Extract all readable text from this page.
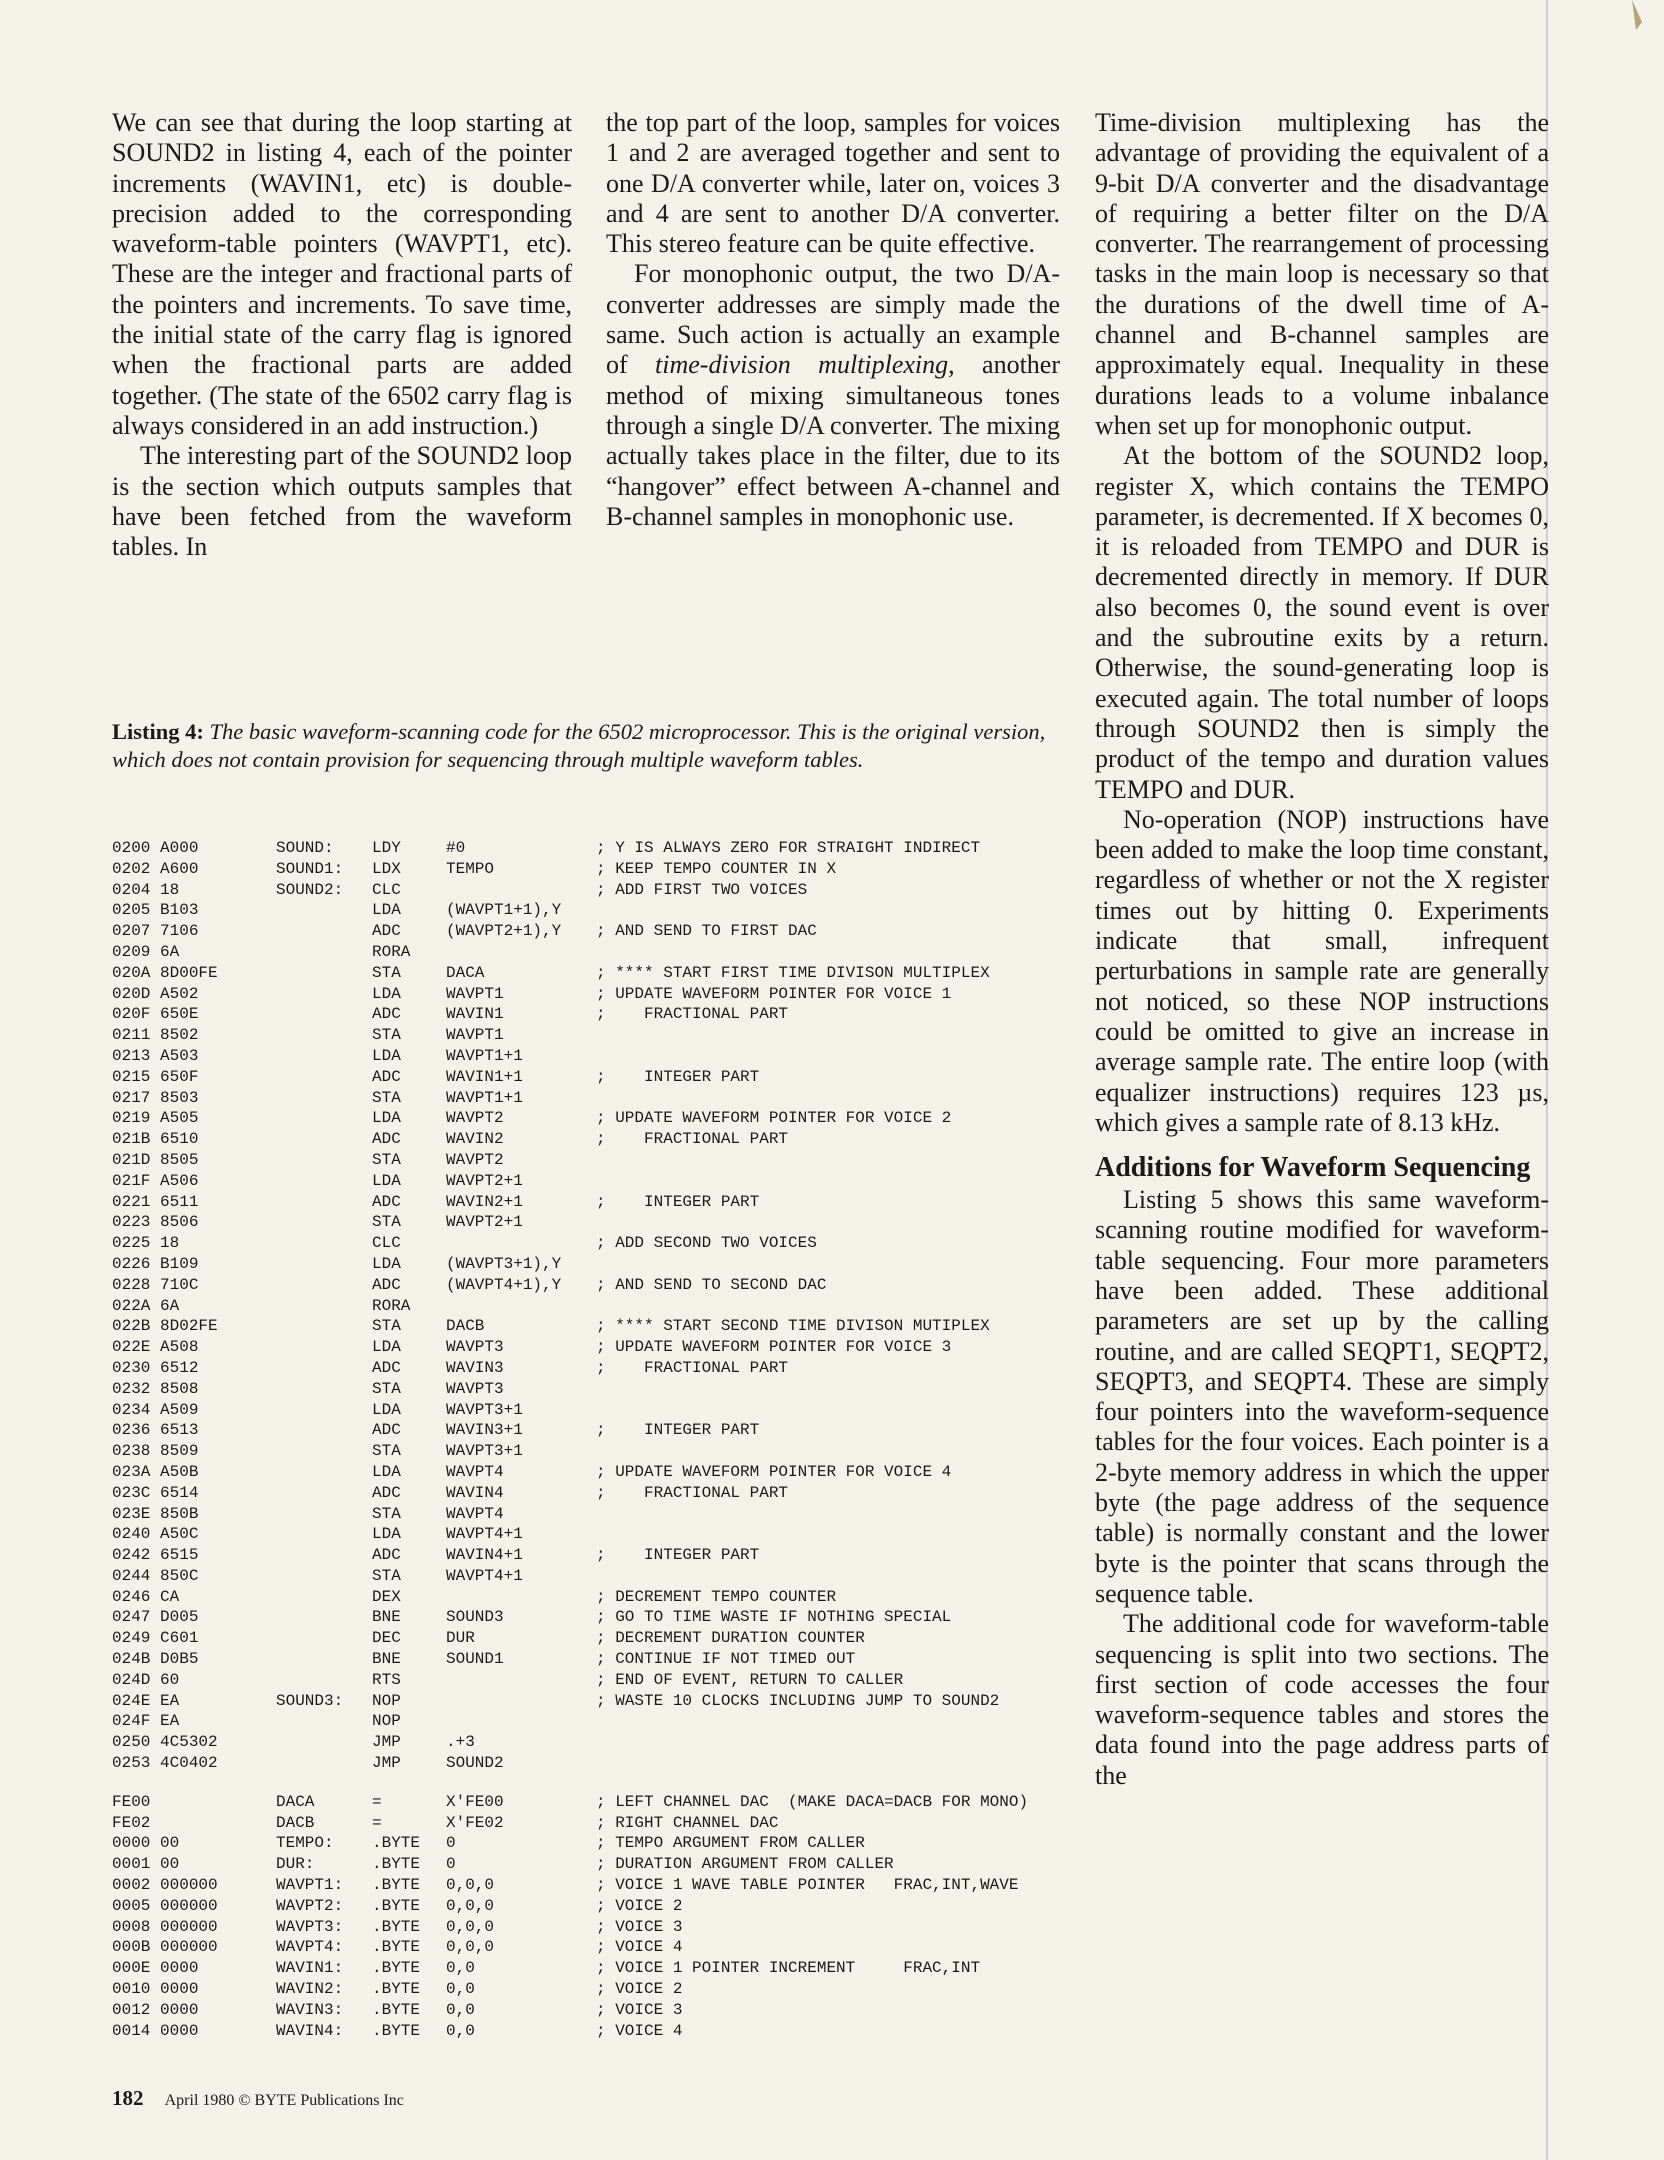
We can see that during the loop starting at SOUND2 in listing 4, each of the pointer increments (WAVIN1, etc) is double-precision added to the corresponding waveform-table pointers (WAVPT1, etc). These are the integer and fractional parts of the pointers and increments. To save time, the initial state of the carry flag is ignored when the fractional parts are added together. (The state of the 6502 carry flag is always considered in an add instruction.)

The interesting part of the SOUND2 loop is the section which outputs samples that have been fetched from the waveform tables. In

the top part of the loop, samples for voices 1 and 2 are averaged together and sent to one D/A converter while, later on, voices 3 and 4 are sent to another D/A converter. This stereo feature can be quite effective.

For monophonic output, the two D/A-converter addresses are simply made the same. Such action is actually an example of time-division multiplexing, another method of mixing simultaneous tones through a single D/A converter. The mixing actually takes place in the filter, due to its “hangover” effect between A-channel and B-channel samples in monophonic use.

Time-division multiplexing has the advantage of providing the equivalent of a 9-bit D/A converter and the disadvantage of requiring a better filter on the D/A converter. The rearrangement of processing tasks in the main loop is necessary so that the durations of the dwell time of A-channel and B-channel samples are approximately equal. Inequality in these durations leads to a volume inbalance when set up for monophonic output.

At the bottom of the SOUND2 loop, register X, which contains the TEMPO parameter, is decremented. If X becomes 0, it is reloaded from TEMPO and DUR is decremented directly in memory. If DUR also becomes 0, the sound event is over and the subroutine exits by a return. Otherwise, the sound-generating loop is executed again. The total number of loops through SOUND2 then is simply the product of the tempo and duration values TEMPO and DUR.

No-operation (NOP) instructions have been added to make the loop time constant, regardless of whether or not the X register times out by hitting 0. Experiments indicate that small, infrequent perturbations in sample rate are generally not noticed, so these NOP instructions could be omitted to give an increase in average sample rate. The entire loop (with equalizer instructions) requires 123 µs, which gives a sample rate of 8.13 kHz.

Additions for Waveform Sequencing

Listing 5 shows this same waveform-scanning routine modified for waveform-table sequencing. Four more parameters have been added. These additional parameters are set up by the calling routine, and are called SEQPT1, SEQPT2, SEQPT3, and SEQPT4. These are simply four pointers into the waveform-sequence tables for the four voices. Each pointer is a 2-byte memory address in which the upper byte (the page address of the sequence table) is normally constant and the lower byte is the pointer that scans through the sequence table.

The additional code for waveform-table sequencing is split into two sections. The first section of code accesses the four waveform-sequence tables and stores the data found into the page address parts of the

Listing 4: The basic waveform-scanning code for the 6502 microprocessor. This is the original version, which does not contain provision for sequencing through multiple waveform tables.
0200 A000	SOUND:	LDY	#0	; Y IS ALWAYS ZERO FOR STRAIGHT INDIRECT
0202 A600	SOUND1:	LDX	TEMPO	; KEEP TEMPO COUNTER IN X
0204 18	SOUND2:	CLC	; ADD FIRST TWO VOICES
0205 B103	LDA	(WAVPT1+1),Y
0207 7106	ADC	(WAVPT2+1),Y	; AND SEND TO FIRST DAC
0209 6A	RORA
020A 8D00FE	STA	DACA	; **** START FIRST TIME DIVISON MULTIPLEX
020D A502	LDA	WAVPT1	; UPDATE WAVEFORM POINTER FOR VOICE 1
020F 650E	ADC	WAVIN1	;    FRACTIONAL PART
0211 8502	STA	WAVPT1
0213 A503	LDA	WAVPT1+1
0215 650F	ADC	WAVIN1+1	;    INTEGER PART
0217 8503	STA	WAVPT1+1
0219 A505	LDA	WAVPT2	; UPDATE WAVEFORM POINTER FOR VOICE 2
021B 6510	ADC	WAVIN2	;    FRACTIONAL PART
021D 8505	STA	WAVPT2
021F A506	LDA	WAVPT2+1
0221 6511	ADC	WAVIN2+1	;    INTEGER PART
0223 8506	STA	WAVPT2+1
0225 18	CLC	; ADD SECOND TWO VOICES
0226 B109	LDA	(WAVPT3+1),Y
0228 710C	ADC	(WAVPT4+1),Y	; AND SEND TO SECOND DAC
022A 6A	RORA
022B 8D02FE	STA	DACB	; **** START SECOND TIME DIVISON MUTIPLEX
022E A508	LDA	WAVPT3	; UPDATE WAVEFORM POINTER FOR VOICE 3
0230 6512	ADC	WAVIN3	;    FRACTIONAL PART
0232 8508	STA	WAVPT3
0234 A509	LDA	WAVPT3+1
0236 6513	ADC	WAVIN3+1	;    INTEGER PART
0238 8509	STA	WAVPT3+1
023A A50B	LDA	WAVPT4	; UPDATE WAVEFORM POINTER FOR VOICE 4
023C 6514	ADC	WAVIN4	;    FRACTIONAL PART
023E 850B	STA	WAVPT4
0240 A50C	LDA	WAVPT4+1
0242 6515	ADC	WAVIN4+1	;    INTEGER PART
0244 850C	STA	WAVPT4+1
0246 CA	DEX	; DECREMENT TEMPO COUNTER
0247 D005	BNE	SOUND3	; GO TO TIME WASTE IF NOTHING SPECIAL
0249 C601	DEC	DUR	; DECREMENT DURATION COUNTER
024B D0B5	BNE	SOUND1	; CONTINUE IF NOT TIMED OUT
024D 60	RTS	; END OF EVENT, RETURN TO CALLER
024E EA	SOUND3:	NOP	; WASTE 10 CLOCKS INCLUDING JUMP TO SOUND2
024F EA	NOP
0250 4C5302	JMP	.+3
0253 4C0402	JMP	SOUND2
FE00	DACA	=	X'FE00	; LEFT CHANNEL DAC  (MAKE DACA=DACB FOR MONO)
FE02	DACB	=	X'FE02	; RIGHT CHANNEL DAC
0000 00	TEMPO:	.BYTE	0	; TEMPO ARGUMENT FROM CALLER
0001 00	DUR:	.BYTE	0	; DURATION ARGUMENT FROM CALLER
0002 000000	WAVPT1:	.BYTE	0,0,0	; VOICE 1 WAVE TABLE POINTER   FRAC,INT,WAVE
0005 000000	WAVPT2:	.BYTE	0,0,0	; VOICE 2
0008 000000	WAVPT3:	.BYTE	0,0,0	; VOICE 3
000B 000000	WAVPT4:	.BYTE	0,0,0	; VOICE 4
000E 0000	WAVIN1:	.BYTE	0,0	; VOICE 1 POINTER INCREMENT     FRAC,INT
0010 0000	WAVIN2:	.BYTE	0,0	; VOICE 2
0012 0000	WAVIN3:	.BYTE	0,0	; VOICE 3
0014 0000	WAVIN4:	.BYTE	0,0	; VOICE 4
182 April 1980 © BYTE Publications Inc
